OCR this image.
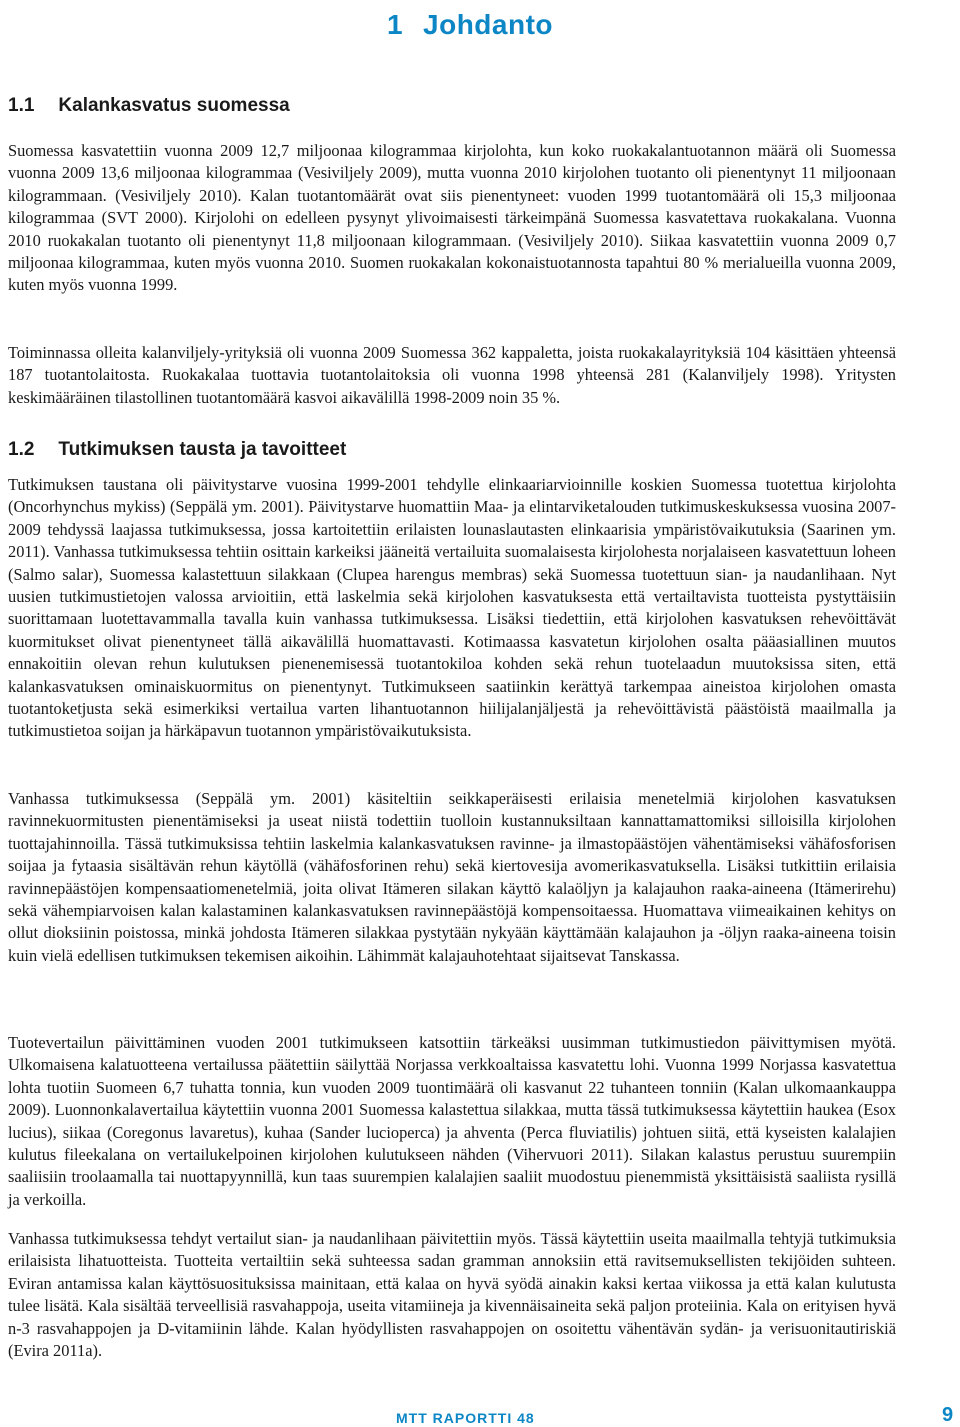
1 Johdanto
1.1 Kalankasvatus suomessa

Suomessa kasvatettiin vuonna 2009 12,7 miljoonaa kilogrammaa kirjolohta, kun koko ruokakalantuotannon määrä oli Suomessa vuonna 2009 13,6 miljoonaa kilogrammaa (Vesiviljely 2009), mutta vuonna 2010 kirjolohen tuotanto oli pienentynyt 11 miljoonaan kilogrammaan. (Vesiviljely 2010). Kalan tuotantomäärät ovat siis pienentyneet: vuoden 1999 tuotantomäärä oli 15,3 miljoonaa kilogrammaa (SVT 2000). Kirjolohi on edelleen pysynyt ylivoimaisesti tärkeimpänä Suomessa kasvatettava ruokakalana. Vuonna 2010 ruokakalan tuotanto oli pienentynyt 11,8 miljoonaan kilogrammaan. (Vesiviljely 2010). Siikaa kasvatettiin vuonna 2009 0,7 miljoonaa kilogrammaa, kuten myös vuonna 2010. Suomen ruokakalan kokonaistuotannosta tapahtui 80 % merialueilla vuonna 2009, kuten myös vuonna 1999.

Toiminnassa olleita kalanviljely-yrityksiä oli vuonna 2009 Suomessa 362 kappaletta, joista ruokakalayrityksiä 104 käsittäen yhteensä 187 tuotantolaitosta. Ruokakalaa tuottavia tuotantolaitoksia oli vuonna 1998 yhteensä 281 (Kalanviljely 1998). Yritysten keskimääräinen tilastollinen tuotantomäärä kasvoi aikavälillä 1998-2009 noin 35 %.

1.2 Tutkimuksen tausta ja tavoitteet

Tutkimuksen taustana oli päivitystarve vuosina 1999-2001 tehdylle elinkaariarvioinnille koskien Suomessa tuotettua kirjolohta (Oncorhynchus mykiss) (Seppälä ym. 2001). Päivitystarve huomattiin Maa- ja elintarviketalouden tutkimuskeskuksessa vuosina 2007-2009 tehdyssä laajassa tutkimuksessa, jossa kartoitettiin erilaisten lounaslautasten elinkaarisia ympäristövaikutuksia (Saarinen ym. 2011). Vanhassa tutkimuksessa tehtiin osittain karkeiksi jääneitä vertailuita suomalaisesta kirjolohesta norjalaiseen kasvatettuun loheen (Salmo salar), Suomessa kalastettuun silakkaan (Clupea harengus membras) sekä Suomessa tuotettuun sian- ja naudanlihaan. Nyt uusien tutkimustietojen valossa arvioitiin, että laskelmia sekä kirjolohen kasvatuksesta että vertailtavista tuotteista pystyttäisiin suorittamaan luotettavammalla tavalla kuin vanhassa tutkimuksessa. Lisäksi tiedettiin, että kirjolohen kasvatuksen rehevöittävät kuormitukset olivat pienentyneet tällä aikavälillä huomattavasti. Kotimaassa kasvatetun kirjolohen osalta pääasiallinen muutos ennakoitiin olevan rehun kulutuksen pienenemisessä tuotantokiloa kohden sekä rehun tuotelaadun muutoksissa siten, että kalankasvatuksen ominaiskuormitus on pienentynyt. Tutkimukseen saatiinkin kerättyä tarkempaa aineistoa kirjolohen omasta tuotantoketjusta sekä esimerkiksi vertailua varten lihantuotannon hiilijalanjäljestä ja rehevöittävistä päästöistä maailmalla ja tutkimustietoa soijan ja härkäpavun tuotannon ympäristövaikutuksista.

Vanhassa tutkimuksessa (Seppälä ym. 2001) käsiteltiin seikkaperäisesti erilaisia menetelmiä kirjolohen kasvatuksen ravinnekuormitusten pienentämiseksi ja useat niistä todettiin tuolloin kustannuksiltaan kannattamattomiksi silloisilla kirjolohen tuottajahinnoilla. Tässä tutkimuksissa tehtiin laskelmia kalankasvatuksen ravinne- ja ilmastopäästöjen vähentämiseksi vähäfosforisen soijaa ja fytaasia sisältävän rehun käytöllä (vähäfosforinen rehu) sekä kiertovesija avomerikasvatuksella. Lisäksi tutkittiin erilaisia ravinnepäästöjen kompensaatiomenetelmiä, joita olivat Itämeren silakan käyttö kalaöljyn ja kalajauhon raaka-aineena (Itämerirehu) sekä vähempiarvoisen kalan kalastaminen kalankasvatuksen ravinnepäästöjä kompensoitaessa. Huomattava viimeaikainen kehitys on ollut dioksiinin poistossa, minkä johdosta Itämeren silakkaa pystytään nykyään käyttämään kalajauhon ja -öljyn raaka-aineena toisin kuin vielä edellisen tutkimuksen tekemisen aikoihin. Lähimmät kalajauhotehtaat sijaitsevat Tanskassa.

Tuotevertailun päivittäminen vuoden 2001 tutkimukseen katsottiin tärkeäksi uusimman tutkimustiedon päivittymisen myötä. Ulkomaisena kalatuotteena vertailussa päätettiin säilyttää Norjassa verkkoaltaissa kasvatettu lohi. Vuonna 1999 Norjassa kasvatettua lohta tuotiin Suomeen 6,7 tuhatta tonnia, kun vuoden 2009 tuontimäärä oli kasvanut 22 tuhanteen tonniin (Kalan ulkomaankauppa 2009). Luonnonkalavertailua käytettiin vuonna 2001 Suomessa kalastettua silakkaa, mutta tässä tutkimuksessa käytettiin haukea (Esox lucius), siikaa (Coregonus lavaretus), kuhaa (Sander lucioperca) ja ahventa (Perca fluviatilis) johtuen siitä, että kyseisten kalalajien kulutus fileekalana on vertailukelpoinen kirjolohen kulutukseen nähden (Vihervuori 2011). Silakan kalastus perustuu suurempiin saaliisiin troolaamalla tai nuottapyynnillä, kun taas suurempien kalalajien saaliit muodostuu pienemmistä yksittäisistä saaliista rysillä ja verkoilla.

Vanhassa tutkimuksessa tehdyt vertailut sian- ja naudanlihaan päivitettiin myös. Tässä käytettiin useita maailmalla tehtyjä tutkimuksia erilaisista lihatuotteista. Tuotteita vertailtiin sekä suhteessa sadan gramman annoksiin että ravitsemuksellisten tekijöiden suhteen. Eviran antamissa kalan käyttösuosituksissa mainitaan, että kalaa on hyvä syödä ainakin kaksi kertaa viikossa ja että kalan kulutusta tulee lisätä. Kala sisältää terveellisiä rasvahappoja, useita vitamiineja ja kivennäisaineita sekä paljon proteiinia. Kala on erityisen hyvä n-3 rasvahappojen ja D-vitamiinin lähde. Kalan hyödyllisten rasvahappojen on osoitettu vähentävän sydän- ja verisuonitautiriskiä (Evira 2011a).

MTT RAPORTTI 48	9
